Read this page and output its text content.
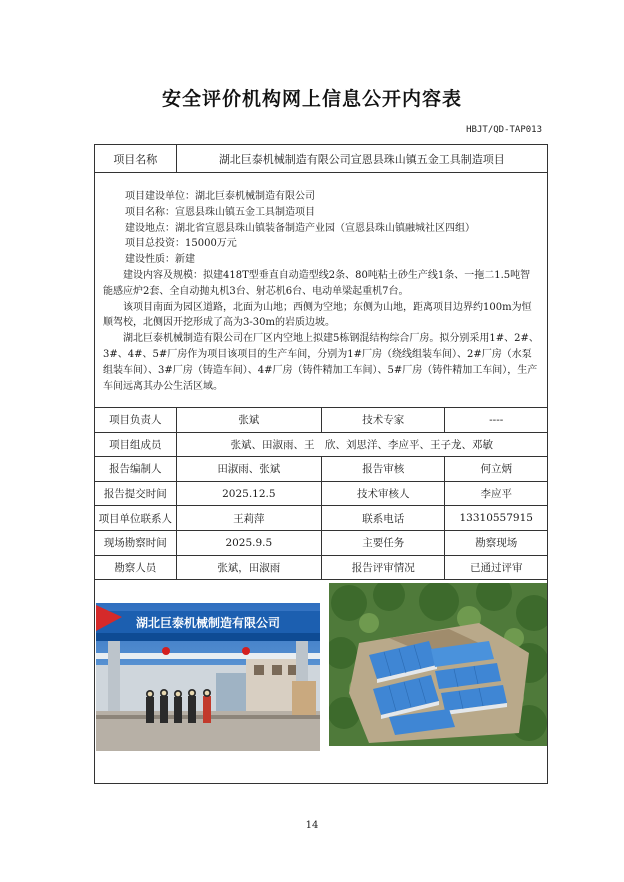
安全评价机构网上信息公开内容表
HBJT/QD-TAP013
项目名称	湖北巨泰机械制造有限公司宣恩县珠山镇五金工具制造项目

项目建设单位：湖北巨泰机械制造有限公司

项目名称：宣恩县珠山镇五金工具制造项目

建设地点：湖北省宣恩县珠山镇装备制造产业园（宣恩县珠山镇融城社区四组）

项目总投资：15000万元

建设性质：新建

建设内容及规模：拟建418T型垂直自动造型线2条、80吨粘土砂生产线1条、一拖二1.5吨智能感应炉2套、全自动抛丸机3台、射芯机6台、电动单梁起重机7台。

该项目南面为园区道路，北面为山地；西侧为空地；东侧为山地，距离项目边界约100m为恒顺驾校，北侧因开挖形成了高为3-30m的岩质边坡。

湖北巨泰机械制造有限公司在厂区内空地上拟建5栋钢混结构综合厂房。拟分别采用1#、2#、3#、4#、5#厂房作为项目该项目的生产车间，分别为1#厂房（绕线组装车间）、2#厂房（水泵组装车间）、3#厂房（铸造车间）、4#厂房（铸件精加工车间）、5#厂房（铸件精加工车间），生产车间远离其办公生活区域。

项目负责人	张斌	技术专家	----
项目组成员	张斌、田淑雨、王　欣、刘思洋、李应平、王子龙、邓敏
报告编制人	田淑雨、张斌	报告审核	何立炳
报告提交时间	2025.12.5	技术审核人	李应平
项目单位联系人	王莉萍	联系电话	13310557915
现场勘察时间	2025.9.5	主要任务	勘察现场
勘察人员	张斌，田淑雨	报告评审情况	已通过评审
湖北巨泰机械制造有限公司
14
